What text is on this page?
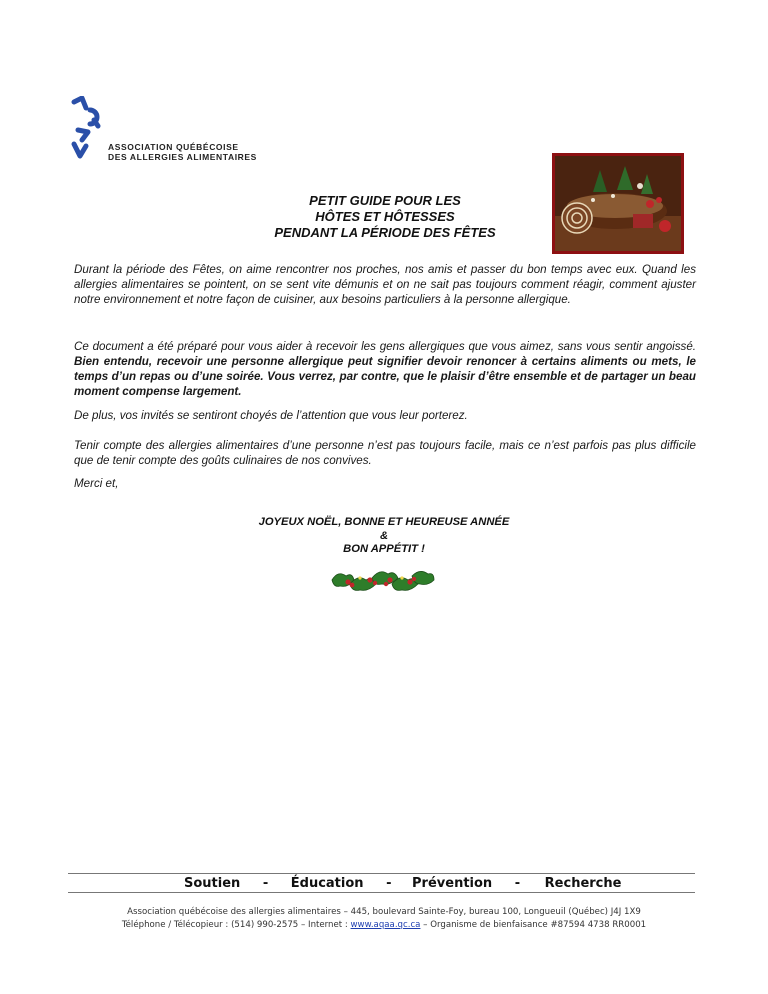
ASSOCIATION QUÉBÉCOISE
DES ALLERGIES ALIMENTAIRES
PETIT GUIDE POUR LES
HÔTES ET HÔTESSES
PENDANT LA PÉRIODE DES FÊTES
Durant la période des Fêtes, on aime rencontrer nos proches, nos amis et passer du bon temps avec eux. Quand les allergies alimentaires se pointent, on se sent vite démunis et on ne sait pas toujours comment réagir, comment ajuster notre environnement et notre façon de cuisiner, aux besoins particuliers à la personne allergique.
Ce document a été préparé pour vous aider à recevoir les gens allergiques que vous aimez, sans vous sentir angoissé. Bien entendu, recevoir une personne allergique peut signifier devoir renoncer à certains aliments ou mets, le temps d’un repas ou d’une soirée. Vous verrez, par contre, que le plaisir d’être ensemble et de partager un beau moment compense largement.
De plus, vos invités se sentiront choyés de l’attention que vous leur porterez.
Tenir compte des allergies alimentaires d’une personne n’est pas toujours facile, mais ce n’est parfois pas plus difficile que de tenir compte des goûts culinaires de nos convives.
Merci et,
JOYEUX NOËL, BONNE ET HEUREUSE ANNÉE
&
BON APPÉTIT !
Soutien - Éducation - Prévention - Recherche
Association québécoise des allergies alimentaires – 445, boulevard Sainte-Foy, bureau 100, Longueuil (Québec) J4J 1X9
Téléphone / Télécopieur : (514) 990-2575 – Internet : www.aqaa.qc.ca – Organisme de bienfaisance #87594 4738 RR0001
